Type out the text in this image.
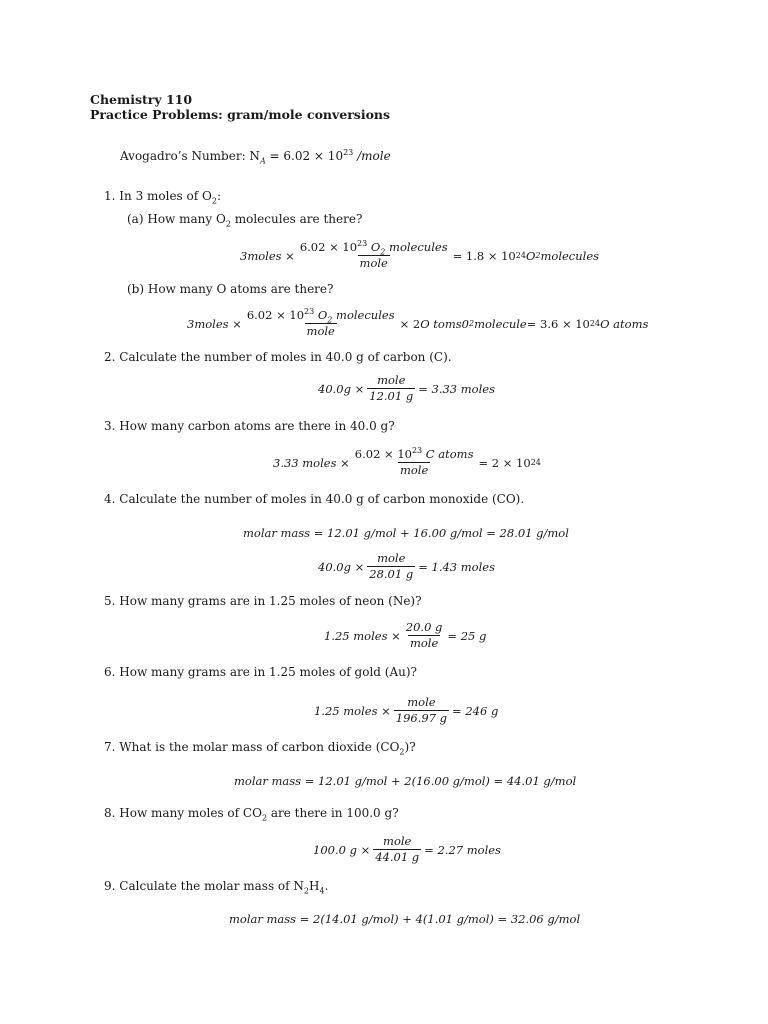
Chemistry 110
Practice Problems: gram/mole conversions
Avogadro’s Number: $N_A = 6.02 \times 10^{23}$ /mole
1. In 3 moles of $O_2$:
(a) How many $O_2$ molecules are there?
3moles × $\frac{6.02 \times 10^{23} O_2 molecules}{\text{mole}} = 1.8 \times 10$ 24 O 2 molecules
(b) How many O atoms are there?
3moles × $\frac{6.02 \times 10^{23} O_2 molecules}{\text{mole}} \times 2$ O toms0 2 molecule = 3.6 × 10 24 O atoms
2. Calculate the number of moles in 40.0 g of carbon (C).
$40.0g \times \frac{\text{mole}}{12.01 g} = 3.33$ moles
3. How many carbon atoms are there in 40.0 g?
3.33 moles × $\frac{6.02 \times 10^{23} C atoms}{\text{mole}} = 2 \times 10$ 24
4. Calculate the number of moles in 40.0 g of carbon monoxide (CO).
molar mass = 12.01 g/mol + 16.00 g/mol = 28.01 g/mol
$40.0g \times \frac{\text{mole}}{28.01 g} = 1.43$ moles
5. How many grams are in 1.25 moles of neon (Ne)?
1.25 moles × $\frac{20.0 g}{\text{mole}} = 25$ g
6. How many grams are in 1.25 moles of gold (Au)?
1.25 moles × $\frac{\text{mole}}{196.97 g} = 246$ g
7. What is the molar mass of carbon dioxide $(CO_2)$?
molar mass = 12.01 g/mol + 2(16.00 g/mol) = 44.01 g/mol
8. How many moles of $CO_2$ are there in 100.0 g?
100.0 $g \times \frac{\text{mole}}{44.01 g} = 2.27$ moles
9. Calculate the molar mass of $N_2H_4$.
molar mass = 2(14.01 g/mol) + 4(1.01 g/mol) = 32.06 g/mol
